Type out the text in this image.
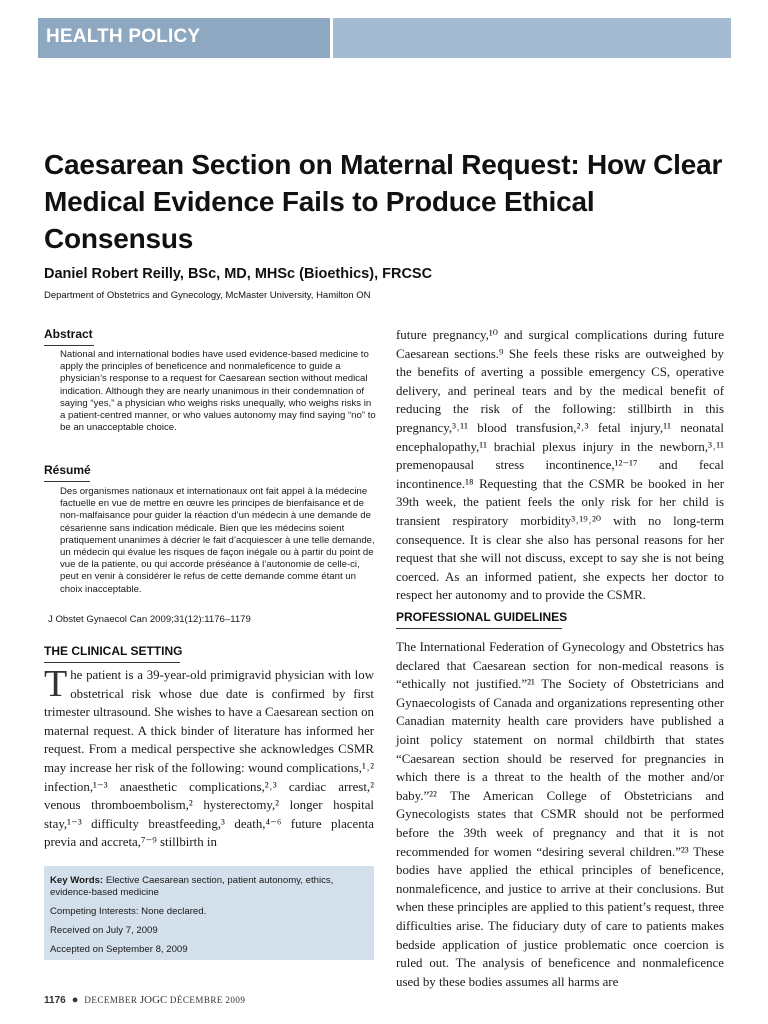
HEALTH POLICY
Caesarean Section on Maternal Request: How Clear Medical Evidence Fails to Produce Ethical Consensus
Daniel Robert Reilly, BSc, MD, MHSc (Bioethics), FRCSC
Department of Obstetrics and Gynecology, McMaster University, Hamilton ON
Abstract
National and international bodies have used evidence-based medicine to apply the principles of beneficence and nonmaleficence to guide a physician’s response to a request for Caesarean section without medical indication. Although they are nearly unanimous in their condemnation of saying “yes,” a physician who weighs risks unequally, who weighs risks in a patient-centred manner, or who values autonomy may find saying “no” to be an unacceptable choice.
Résumé
Des organismes nationaux et internationaux ont fait appel à la médecine factuelle en vue de mettre en œuvre les principes de bienfaisance et de non-malfaisance pour guider la réaction d’un médecin à une demande de césarienne sans indication médicale. Bien que les médecins soient pratiquement unanimes à décrier le fait d’acquiescer à une telle demande, un médecin qui évalue les risques de façon inégale ou à partir du point de vue de la patiente, ou qui accorde préséance à l’autonomie de celle-ci, peut en venir à considérer le refus de cette demande comme étant un choix inacceptable.
J Obstet Gynaecol Can 2009;31(12):1176–1179
THE CLINICAL SETTING
The patient is a 39-year-old primigravid physician with low obstetrical risk whose due date is confirmed by first trimester ultrasound. She wishes to have a Caesarean section on maternal request. A thick binder of literature has informed her request. From a medical perspective she acknowledges CSMR may increase her risk of the following: wound complications,¹˒² infection,¹⁻³ anaesthetic complications,²˒³ cardiac arrest,² venous thromboembolism,² hysterectomy,² longer hospital stay,¹⁻³ difficulty breastfeeding,³ death,⁴⁻⁶ future placenta previa and accreta,⁷⁻⁹ stillbirth in

Key Words: Elective Caesarean section, patient autonomy, ethics, evidence-based medicine

Competing Interests: None declared.

Received on July 7, 2009

Accepted on September 8, 2009

future pregnancy,¹⁰ and surgical complications during future Caesarean sections.⁹ She feels these risks are outweighed by the benefits of averting a possible emergency CS, operative delivery, and perineal tears and by the medical benefit of reducing the risk of the following: stillbirth in this pregnancy,³˒¹¹ blood transfusion,²˒³ fetal injury,¹¹ neonatal encephalopathy,¹¹ brachial plexus injury in the newborn,³˒¹¹ premenopausal stress incontinence,¹²⁻¹⁷ and fecal incontinence.¹⁸ Requesting that the CSMR be booked in her 39th week, the patient feels the only risk for her child is transient respiratory morbidity³˒¹⁹˒²⁰ with no long-term consequence. It is clear she also has personal reasons for her request that she will not discuss, except to say she is not being coerced. As an informed patient, she expects her doctor to respect her autonomy and to provide the CSMR.
PROFESSIONAL GUIDELINES
The International Federation of Gynecology and Obstetrics has declared that Caesarean section for non-medical reasons is “ethically not justified.”²¹ The Society of Obstetricians and Gynaecologists of Canada and organizations representing other Canadian maternity health care providers have published a joint policy statement on normal childbirth that states “Caesarean section should be reserved for pregnancies in which there is a threat to the health of the mother and/or baby.”²² The American College of Obstetricians and Gynecologists states that CSMR should not be performed before the 39th week of pregnancy and that it is not recommended for women “desiring several children.”²³ These bodies have applied the ethical principles of beneficence, nonmaleficence, and justice to arrive at their conclusions. But when these principles are applied to this patient’s request, three difficulties arise. The fiduciary duty of care to patients makes bedside application of justice problematic once coercion is ruled out. The analysis of beneficence and nonmaleficence used by these bodies assumes all harms are
1176 ● DECEMBER JOGC DÉCEMBRE 2009
